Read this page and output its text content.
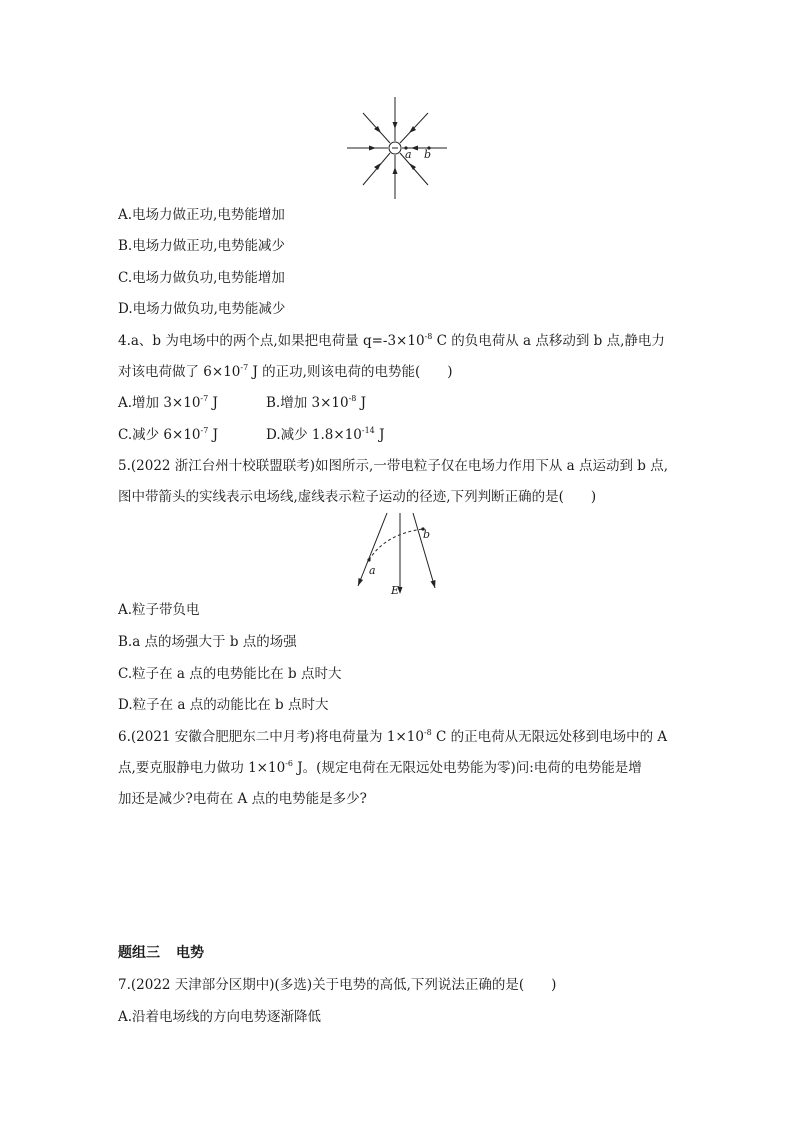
a b
A.电场力做正功,电势能增加
B.电场力做正功,电势能减少
C.电场力做负功,电势能增加
D.电场力做负功,电势能减少
4.a、b 为电场中的两个点,如果把电荷量 $q=-3\times 10^{-8}$ C 的负电荷从 a 点移动到 b 点,静电力
对该电荷做了 $6\times 10^{-7}$ J 的正功,则该电荷的电势能(　　)
A.增加 $3\times 10^{-7}$ J	B.增加 $3\times 10^{-8}$ J
C.减少 $6\times 10^{-7}$ J	D.减少 $1.8\times 10^{-14}$ J
5.(2022 浙江台州十校联盟联考)如图所示,一带电粒子仅在电场力作用下从 a 点运动到 b 点,
图中带箭头的实线表示电场线,虚线表示粒子运动的径迹,下列判断正确的是(　　)
a
b
E
A.粒子带负电
B.a 点的场强大于 b 点的场强
C.粒子在 a 点的电势能比在 b 点时大
D.粒子在 a 点的动能比在 b 点时大
6.(2021 安徽合肥肥东二中月考)将电荷量为 $1\times 10^{-8}$ C 的正电荷从无限远处移到电场中的 A
点,要克服静电力做功 $1\times 10^{-6}$ J。(规定电荷在无限远处电势能为零)问:电荷的电势能是增
加还是减少?电荷在 A 点的电势能是多少?
题组三 电势
7.(2022 天津部分区期中)(多选)关于电势的高低,下列说法正确的是(　　)
A.沿着电场线的方向电势逐渐降低
